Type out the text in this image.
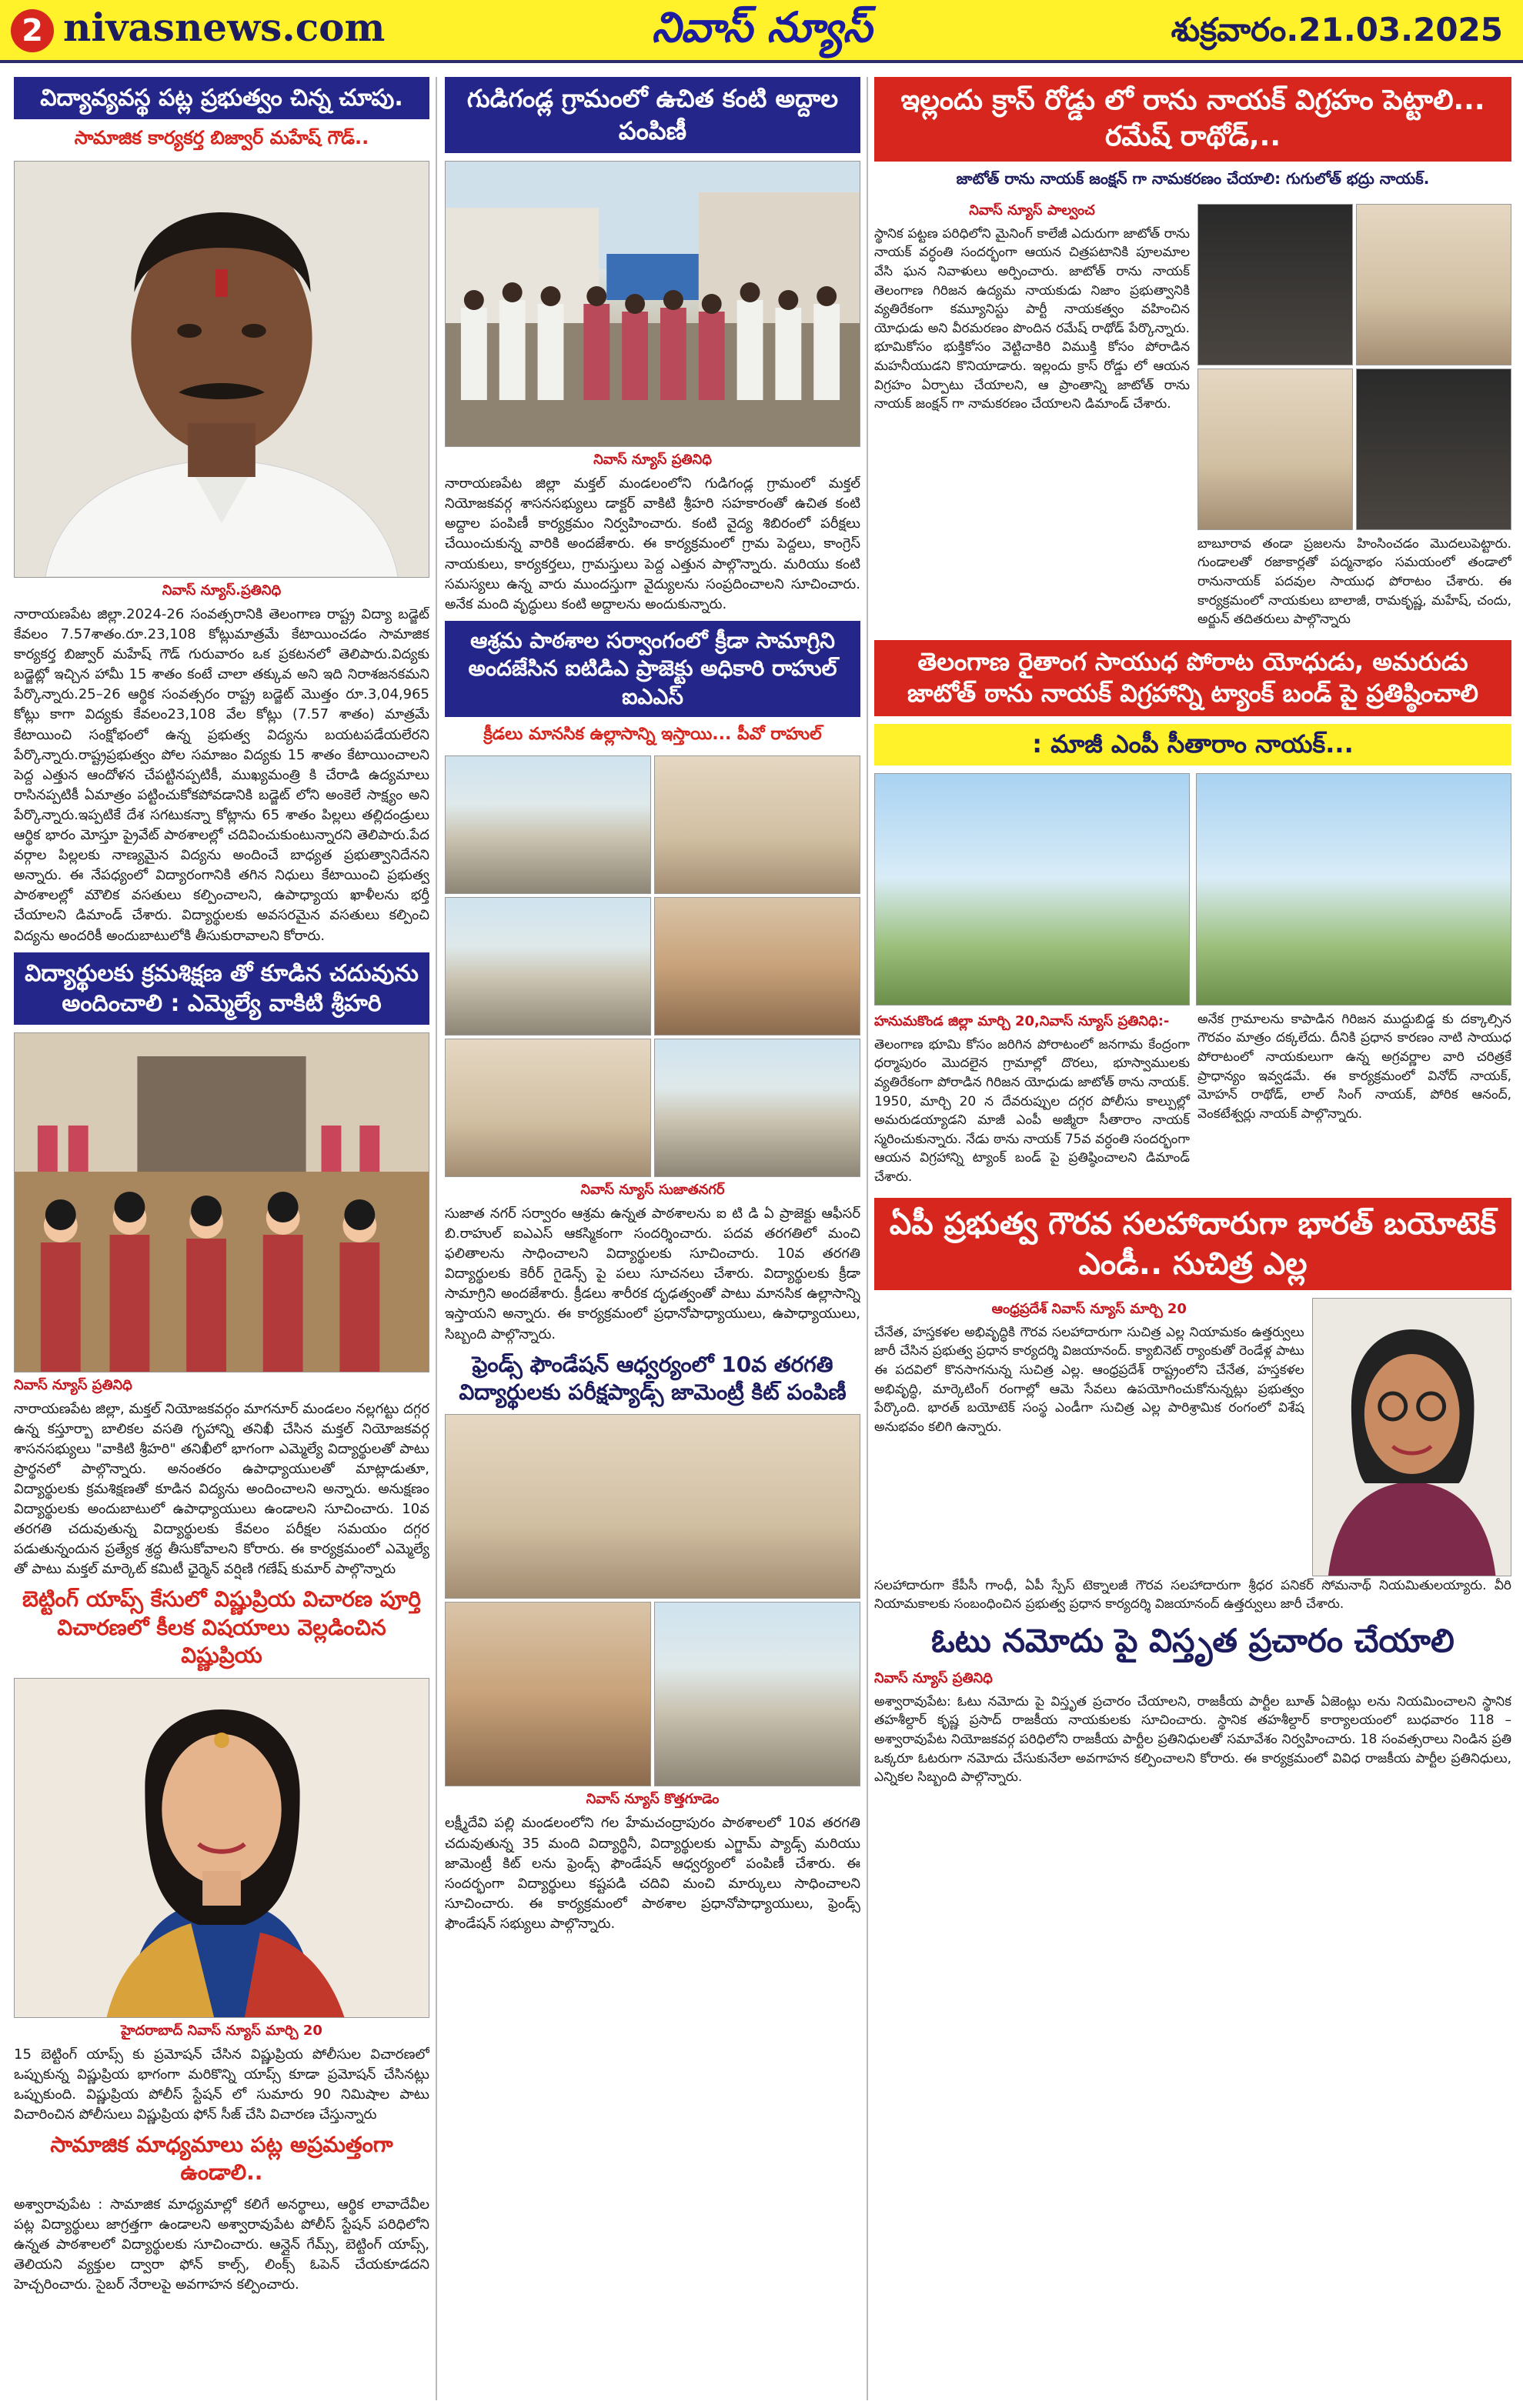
2 nivasnews.com	నివాస్ న్యూస్	శుక్రవారం.21.03.2025
విద్యావ్యవస్థ పట్ల ప్రభుత్వం చిన్న చూపు.
సామాజిక కార్యకర్త బిజ్వార్ మహేష్ గౌడ్..
నివాస్ న్యూస్.ప్రతినిధి
నారాయణపేట జిల్లా.2024-26 సంవత్సరానికి తెలంగాణ రాష్ట్ర విద్యా బడ్జెట్ కేవలం 7.57శాతం.రూ.23,108 కోట్లుమాత్రమే కేటాయించడం సామాజిక కార్యకర్త బిజ్వార్ మహేష్ గౌడ్ గురువారం ఒక ప్రకటనలో తెలిపారు.విద్యకు బడ్జెట్లో ఇచ్చిన హామీ 15 శాతం కంటే చాలా తక్కువ అని ఇది నిరాశజనకమని పేర్కొన్నారు.25–26 ఆర్థిక సంవత్సరం రాష్ట్ర బడ్జెట్ మొత్తం రూ.3,04,965 కోట్లు కాగా విద్యకు కేవలం23,108 వేల కోట్లు (7.57 శాతం) మాత్రమే కేటాయించి సంక్షోభంలో ఉన్న ప్రభుత్వ విద్యను బయటపడేయలేరని పేర్కొన్నారు.రాష్ట్రప్రభుత్వం పోల సమాజం విద్యకు 15 శాతం కేటాయించాలని పెద్ద ఎత్తున ఆందోళన చేపట్టినప్పటికీ, ముఖ్యమంత్రి కి చేరాడి ఉద్యమాలు రాసినప్పటికీ ఏమాత్రం పట్టించుకోకపోవడానికి బడ్జెట్ లోని అంకెలే సాక్ష్యం అని పేర్కొన్నారు.ఇప్పటికే దేశ సగటుకన్నా కోట్లాను 65 శాతం పిల్లలు తల్లిదండ్రులు ఆర్థిక భారం మోస్తూ ప్రైవేట్ పాఠశాలల్లో చదివించుకుంటున్నారని తెలిపారు.పేద వర్గాల పిల్లలకు నాణ్యమైన విద్యను అందించే బాధ్యత ప్రభుత్వానిదేనని అన్నారు. ఈ నేపధ్యంలో విద్యారంగానికి తగిన నిధులు కేటాయించి ప్రభుత్వ పాఠశాలల్లో మౌలిక వసతులు కల్పించాలని, ఉపాధ్యాయ ఖాళీలను భర్తీ చేయాలని డిమాండ్ చేశారు. విద్యార్థులకు అవసరమైన వసతులు కల్పించి విద్యను అందరికీ అందుబాటులోకి తీసుకురావాలని కోరారు.
విద్యార్థులకు క్రమశిక్షణ తో కూడిన చదువును అందించాలి : ఎమ్మెల్యే వాకిటి శ్రీహరి
నివాస్ న్యూస్ ప్రతినిధి
నారాయణపేట జిల్లా, మక్తల్ నియోజకవర్గం మాగనూర్ మండలం నల్లగట్టు దగ్గర ఉన్న కస్తూర్బా బాలికల వసతి గృహాన్ని తనిఖీ చేసిన మక్తల్ నియోజకవర్గ శాసనసభ్యులు "వాకిటి శ్రీహరి" తనిఖీలో భాగంగా ఎమ్మెల్యే విద్యార్థులతో పాటు ప్రార్థనలో పాల్గొన్నారు. అనంతరం ఉపాధ్యాయులతో మాట్లాడుతూ, విద్యార్థులకు క్రమశిక్షణతో కూడిన విద్యను అందించాలని అన్నారు. అనుక్షణం విద్యార్థులకు అందుబాటులో ఉపాధ్యాయులు ఉండాలని సూచించారు. 10వ తరగతి చదువుతున్న విద్యార్థులకు కేవలం పరీక్షల సమయం దగ్గర పడుతున్నందున ప్రత్యేక శ్రద్ధ తీసుకోవాలని కోరారు. ఈ కార్యక్రమంలో ఎమ్మెల్యే తో పాటు మక్తల్ మార్కెట్ కమిటీ ఛైర్మెన్ వర్షిణి గణేష్ కుమార్ పాల్గొన్నారు
బెట్టింగ్ యాప్స్ కేసులో విష్ణుప్రియ విచారణ పూర్తి విచారణలో కీలక విషయాలు వెల్లడించిన విష్ణుప్రియ
హైదరాబాద్ నివాస్ న్యూస్ మార్చి 20
15 బెట్టింగ్ యాప్స్ కు ప్రమోషన్ చేసిన విష్ణుప్రియ పోలీసుల విచారణలో ఒప్పుకున్న విష్ణుప్రియ భాగంగా మరికొన్ని యాప్స్ కూడా ప్రమోషన్ చేసినట్లు ఒప్పుకుంది. విష్ణుప్రియ పోలీస్ స్టేషన్ లో సుమారు 90 నిమిషాల పాటు విచారించిన పోలీసులు విష్ణుప్రియ ఫోన్ సీజ్ చేసి విచారణ చేస్తున్నారు
సామాజిక మాధ్యమాలు పట్ల అప్రమత్తంగా ఉండాలి..
అశ్వారావుపేట : సామాజిక మాధ్యమాల్లో కలిగే అనర్థాలు, ఆర్థిక లావాదేవీల పట్ల విద్యార్థులు జాగ్రత్తగా ఉండాలని అశ్వారావుపేట పోలీస్ స్టేషన్ పరిధిలోని ఉన్నత పాఠశాలలో విద్యార్థులకు సూచించారు. ఆన్లైన్ గేమ్స్, బెట్టింగ్ యాప్స్, తెలియని వ్యక్తుల ద్వారా ఫోన్ కాల్స్, లింక్స్ ఓపెన్ చేయకూడదని హెచ్చరించారు. సైబర్ నేరాలపై అవగాహన కల్పించారు.
గుడిగండ్ల గ్రామంలో ఉచిత కంటి అద్దాల పంపిణీ
నివాస్ న్యూస్ ప్రతినిధి
నారాయణపేట జిల్లా మక్తల్ మండలంలోని గుడిగండ్ల గ్రామంలో మక్తల్ నియోజకవర్గ శాసనసభ్యులు డాక్టర్ వాకిటి శ్రీహరి సహకారంతో ఉచిత కంటి అద్దాల పంపిణీ కార్యక్రమం నిర్వహించారు. కంటి వైద్య శిబిరంలో పరీక్షలు చేయించుకున్న వారికి అందజేశారు. ఈ కార్యక్రమంలో గ్రామ పెద్దలు, కాంగ్రెస్ నాయకులు, కార్యకర్తలు, గ్రామస్తులు పెద్ద ఎత్తున పాల్గొన్నారు. మరియు కంటి సమస్యలు ఉన్న వారు ముందస్తుగా వైద్యులను సంప్రదించాలని సూచించారు. అనేక మంది వృద్ధులు కంటి అద్దాలను అందుకున్నారు.
ఆశ్రమ పాఠశాల సర్వాంగంలో క్రీడా సామాగ్రిని అందజేసిన ఐటిడిఎ ప్రాజెక్టు అధికారి రాహుల్ ఐఎఎస్
క్రీడలు మానసిక ఉల్లాసాన్ని ఇస్తాయి... పీవో రాహుల్
నివాస్ న్యూస్ సుజాతనగర్
సుజాత నగర్ సర్వారం ఆశ్రమ ఉన్నత పాఠశాలను ఐ టి డి ఏ ప్రాజెక్టు ఆఫీసర్ బి.రాహుల్ ఐఎఎస్ ఆకస్మికంగా సందర్శించారు. పదవ తరగతిలో మంచి ఫలితాలను సాధించాలని విద్యార్థులకు సూచించారు. 10వ తరగతి విద్యార్థులకు కెరీర్ గైడెన్స్ పై పలు సూచనలు చేశారు. విద్యార్థులకు క్రీడా సామాగ్రిని అందజేశారు. క్రీడలు శారీరక దృఢత్వంతో పాటు మానసిక ఉల్లాసాన్ని ఇస్తాయని అన్నారు. ఈ కార్యక్రమంలో ప్రధానోపాధ్యాయులు, ఉపాధ్యాయులు, సిబ్బంది పాల్గొన్నారు.
ఫ్రెండ్స్ ఫౌండేషన్ ఆధ్వర్యంలో 10వ తరగతి విద్యార్థులకు పరీక్షప్యాడ్స్ జామెంట్రీ కిట్ పంపిణీ
నివాస్ న్యూస్ కొత్తగూడెం
లక్ష్మీదేవి పల్లి మండలంలోని గల హేమచంద్రాపురం పాఠశాలలో 10వ తరగతి చదువుతున్న 35 మంది విద్యార్థినీ, విద్యార్థులకు ఎగ్జామ్ ప్యాడ్స్ మరియు జామెంట్రీ కిట్ లను ఫ్రెండ్స్ ఫౌండేషన్ ఆధ్వర్యంలో పంపిణీ చేశారు. ఈ సందర్భంగా విద్యార్థులు కష్టపడి చదివి మంచి మార్కులు సాధించాలని సూచించారు. ఈ కార్యక్రమంలో పాఠశాల ప్రధానోపాధ్యాయులు, ఫ్రెండ్స్ ఫౌండేషన్ సభ్యులు పాల్గొన్నారు.
ఇల్లందు క్రాస్ రోడ్డు లో రాను నాయక్ విగ్రహం పెట్టాలి... రమేష్ రాథోడ్,..
జాటోత్ రాను నాయక్ జంక్షన్ గా నామకరణం చేయాలి: గుగులోత్ భద్రు నాయక్.
నివాస్ న్యూస్ పాల్వంచ
స్థానిక పట్టణ పరిధిలోని మైనింగ్ కాలేజీ ఎదురుగా జాటోత్ రాను నాయక్ వర్ధంతి సందర్భంగా ఆయన చిత్రపటానికి పూలమాల వేసి ఘన నివాళులు అర్పించారు. జాటోత్ రాను నాయక్ తెలంగాణ గిరిజన ఉద్యమ నాయకుడు నిజాం ప్రభుత్వానికి వ్యతిరేకంగా కమ్యూనిస్టు పార్టీ నాయకత్వం వహించిన యోధుడు అని వీరమరణం పొందిన రమేష్ రాథోడ్ పేర్కొన్నారు. భూమికోసం భుక్తికోసం వెట్టిచాకిరి విముక్తి కోసం పోరాడిన మహనీయుడని కొనియాడారు. ఇల్లందు క్రాస్ రోడ్డు లో ఆయన విగ్రహం ఏర్పాటు చేయాలని, ఆ ప్రాంతాన్ని జాటోత్ రాను నాయక్ జంక్షన్ గా నామకరణం చేయాలని డిమాండ్ చేశారు.
బాబూరావ తండా ప్రజలను హింసించడం మొదలుపెట్టారు. గుండాలతో రజాకార్లతో పద్మనాభం సమయంలో తండాలో రానునాయక్ పదవుల సాయుధ పోరాటం చేశారు. ఈ కార్యక్రమంలో నాయకులు బాలాజీ, రామకృష్ణ, మహేష్, చందు, అర్జున్ తదితరులు పాల్గొన్నారు
తెలంగాణ రైతాంగ సాయుధ పోరాట యోధుడు, అమరుడు జాటోత్ ఠాను నాయక్ విగ్రహాన్ని ట్యాంక్ బండ్ పై ప్రతిష్ఠించాలి
: మాజీ ఎంపీ సీతారాం నాయక్...
హనుమకొండ జిల్లా మార్చి 20,నివాస్ న్యూస్ ప్రతినిధి:-
తెలంగాణ భూమి కోసం జరిగిన పోరాటంలో జనగామ కేంద్రంగా ధర్మాపురం మొదలైన గ్రామాల్లో దొరలు, భూస్వాములకు వ్యతిరేకంగా పోరాడిన గిరిజన యోధుడు జాటోత్ ఠాను నాయక్. 1950, మార్చి 20 న దేవరుప్పుల దగ్గర పోలీసు కాల్పుల్లో అమరుడయ్యాడని మాజీ ఎంపీ అజ్మీరా సీతారాం నాయక్ స్మరించుకున్నారు. నేడు ఠాను నాయక్ 75వ వర్ధంతి సందర్భంగా ఆయన విగ్రహాన్ని ట్యాంక్ బండ్ పై ప్రతిష్ఠించాలని డిమాండ్ చేశారు.
అనేక గ్రామాలను కాపాడిన గిరిజన ముద్దుబిడ్డ కు దక్కాల్సిన గౌరవం మాత్రం దక్కలేదు. దీనికి ప్రధాన కారణం నాటి సాయుధ పోరాటంలో నాయకులుగా ఉన్న అగ్రవర్ణాల వారి చరిత్రకే ప్రాధాన్యం ఇవ్వడమే. ఈ కార్యక్రమంలో వినోద్ నాయక్, మోహన్ రాథోడ్, లాల్ సింగ్ నాయక్, పోరిక ఆనంద్, వెంకటేశ్వర్లు నాయక్ పాల్గొన్నారు.
ఏపీ ప్రభుత్వ గౌరవ సలహాదారుగా భారత్ బయోటెక్ ఎండీ.. సుచిత్ర ఎల్ల
ఆంధ్రప్రదేశ్ నివాస్ న్యూస్ మార్చి 20
చేనేత, హస్తకళల అభివృద్ధికి గౌరవ సలహాదారుగా సుచిత్ర ఎల్ల నియామకం ఉత్తర్వులు జారీ చేసిన ప్రభుత్వ ప్రధాన కార్యదర్శి విజయానంద్. క్యాబినెట్ ర్యాంకుతో రెండేళ్ల పాటు ఈ పదవిలో కొనసాగనున్న సుచిత్ర ఎల్ల. ఆంధ్రప్రదేశ్ రాష్ట్రంలోని చేనేత, హస్తకళల అభివృద్ధి, మార్కెటింగ్ రంగాల్లో ఆమె సేవలు ఉపయోగించుకోనున్నట్లు ప్రభుత్వం పేర్కొంది. భారత్ బయోటెక్ సంస్థ ఎండీగా సుచిత్ర ఎల్ల పారిశ్రామిక రంగంలో విశేష అనుభవం కలిగి ఉన్నారు.
సలహాదారుగా కేపీసీ గాంధీ, ఏపీ స్పేస్ టెక్నాలజీ గౌరవ సలహాదారుగా శ్రీధర పనికర్ సోమనాథ్ నియమితులయ్యారు. వీరి నియామకాలకు సంబంధించిన ప్రభుత్వ ప్రధాన కార్యదర్శి విజయానంద్ ఉత్తర్వులు జారీ చేశారు.
ఓటు నమోదు పై విస్తృత ప్రచారం చేయాలి
నివాస్ న్యూస్ ప్రతినిధి
అశ్వారావుపేట: ఓటు నమోదు పై విస్తృత ప్రచారం చేయాలని, రాజకీయ పార్టీల బూత్ ఏజెంట్లు లను నియమించాలని స్థానిక తహశీల్దార్ కృష్ణ ప్రసాద్ రాజకీయ నాయకులకు సూచించారు. స్థానిక తహశీల్దార్ కార్యాలయంలో బుధవారం 118 – అశ్వారావుపేట నియోజకవర్గ పరిధిలోని రాజకీయ పార్టీల ప్రతినిధులతో సమావేశం నిర్వహించారు. 18 సంవత్సరాలు నిండిన ప్రతి ఒక్కరూ ఓటరుగా నమోదు చేసుకునేలా అవగాహన కల్పించాలని కోరారు. ఈ కార్యక్రమంలో వివిధ రాజకీయ పార్టీల ప్రతినిధులు, ఎన్నికల సిబ్బంది పాల్గొన్నారు.
